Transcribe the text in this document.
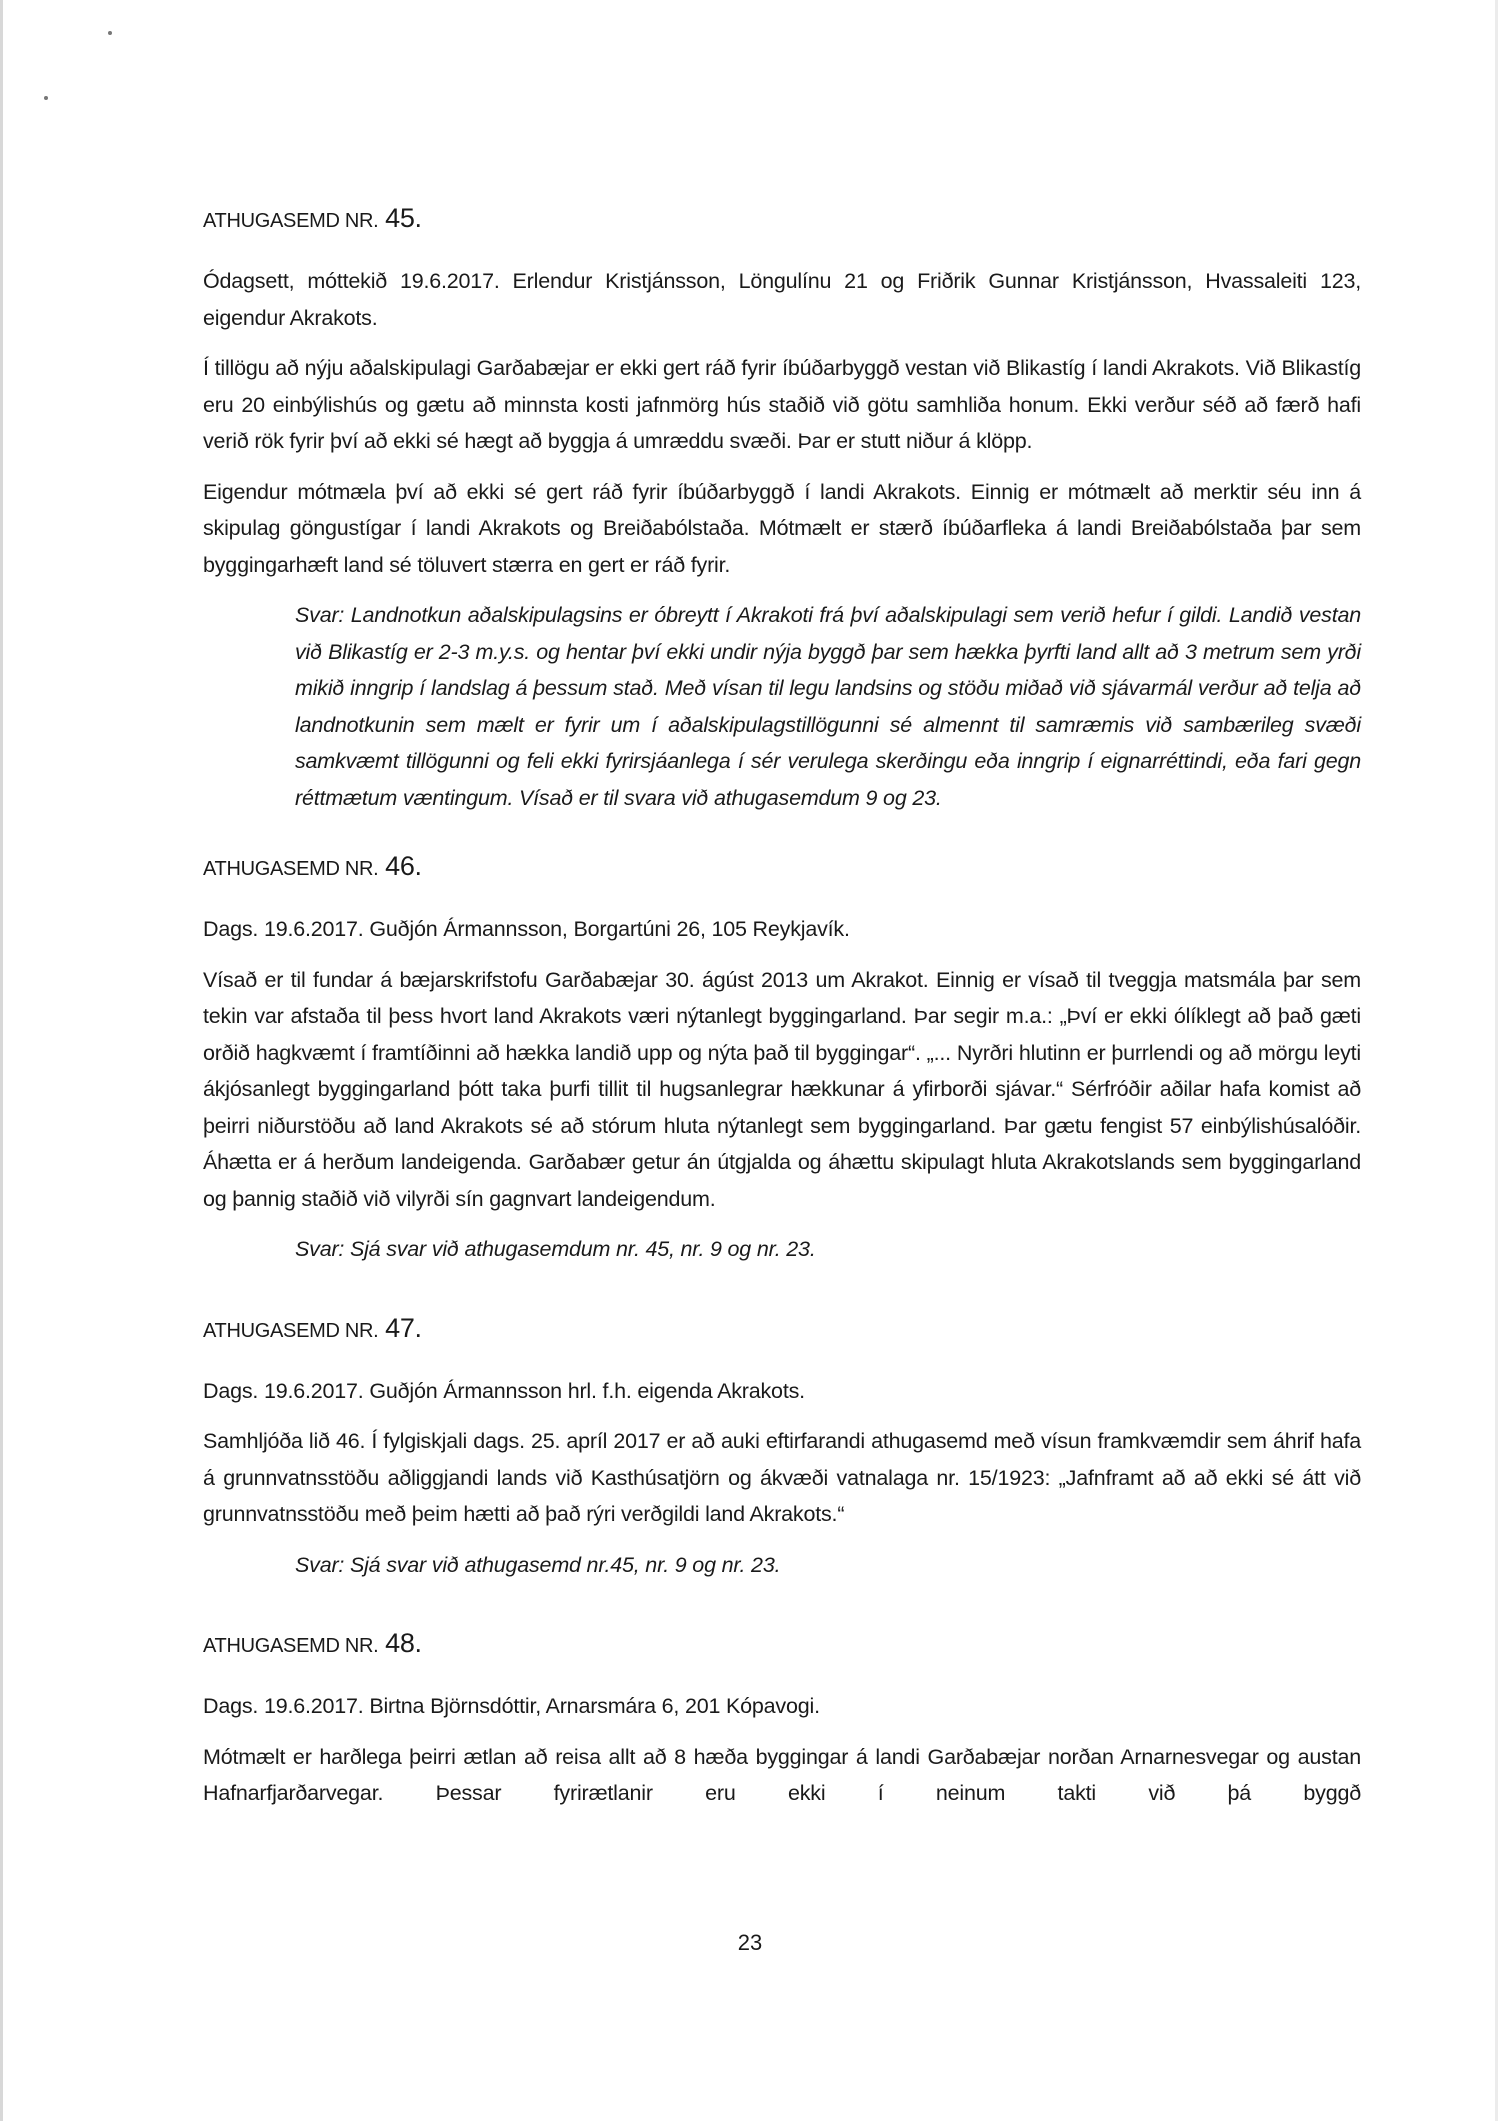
ATHUGASEMD NR. 45.

Ódagsett, móttekið 19.6.2017. Erlendur Kristjánsson, Löngulínu 21 og Friðrik Gunnar Kristjánsson, Hvassaleiti 123, eigendur Akrakots.

Í tillögu að nýju aðalskipulagi Garðabæjar er ekki gert ráð fyrir íbúðarbyggð vestan við Blikastíg í landi Akrakots. Við Blikastíg eru 20 einbýlishús og gætu að minnsta kosti jafnmörg hús staðið við götu samhliða honum. Ekki verður séð að færð hafi verið rök fyrir því að ekki sé hægt að byggja á umræddu svæði. Þar er stutt niður á klöpp.

Eigendur mótmæla því að ekki sé gert ráð fyrir íbúðarbyggð í landi Akrakots. Einnig er mótmælt að merktir séu inn á skipulag göngustígar í landi Akrakots og Breiðabólstaða. Mótmælt er stærð íbúðarfleka á landi Breiðabólstaða þar sem byggingarhæft land sé töluvert stærra en gert er ráð fyrir.

Svar: Landnotkun aðalskipulagsins er óbreytt í Akrakoti frá því aðalskipulagi sem verið hefur í gildi. Landið vestan við Blikastíg er 2-3 m.y.s. og hentar því ekki undir nýja byggð þar sem hækka þyrfti land allt að 3 metrum sem yrði mikið inngrip í landslag á þessum stað. Með vísan til legu landsins og stöðu miðað við sjávarmál verður að telja að landnotkunin sem mælt er fyrir um í aðalskipulagstillögunni sé almennt til samræmis við sambærileg svæði samkvæmt tillögunni og feli ekki fyrirsjáanlega í sér verulega skerðingu eða inngrip í eignarréttindi, eða fari gegn réttmætum væntingum. Vísað er til svara við athugasemdum 9 og 23.

ATHUGASEMD NR. 46.

Dags. 19.6.2017. Guðjón Ármannsson, Borgartúni 26, 105 Reykjavík.

Vísað er til fundar á bæjarskrifstofu Garðabæjar 30. ágúst 2013 um Akrakot. Einnig er vísað til tveggja matsmála þar sem tekin var afstaða til þess hvort land Akrakots væri nýtanlegt byggingarland. Þar segir m.a.: „Því er ekki ólíklegt að það gæti orðið hagkvæmt í framtíðinni að hækka landið upp og nýta það til byggingar“. „... Nyrðri hlutinn er þurrlendi og að mörgu leyti ákjósanlegt byggingarland þótt taka þurfi tillit til hugsanlegrar hækkunar á yfirborði sjávar.“ Sérfróðir aðilar hafa komist að þeirri niðurstöðu að land Akrakots sé að stórum hluta nýtanlegt sem byggingarland. Þar gætu fengist 57 einbýlishúsalóðir. Áhætta er á herðum landeigenda. Garðabær getur án útgjalda og áhættu skipulagt hluta Akrakotslands sem byggingarland og þannig staðið við vilyrði sín gagnvart landeigendum.

Svar: Sjá svar við athugasemdum nr. 45, nr. 9 og nr. 23.

ATHUGASEMD NR. 47.

Dags. 19.6.2017. Guðjón Ármannsson hrl. f.h. eigenda Akrakots.

Samhljóða lið 46. Í fylgiskjali dags. 25. apríl 2017 er að auki eftirfarandi athugasemd með vísun framkvæmdir sem áhrif hafa á grunnvatnsstöðu aðliggjandi lands við Kasthúsatjörn og ákvæði vatnalaga nr. 15/1923: „Jafnframt að að ekki sé átt við grunnvatnsstöðu með þeim hætti að það rýri verðgildi land Akrakots.“

Svar: Sjá svar við athugasemd nr.45, nr. 9 og nr. 23.

ATHUGASEMD NR. 48.

Dags. 19.6.2017. Birtna Björnsdóttir, Arnarsmára 6, 201 Kópavogi.

Mótmælt er harðlega þeirri ætlan að reisa allt að 8 hæða byggingar á landi Garðabæjar norðan Arnarnesvegar og austan Hafnarfjarðarvegar. Þessar fyrirætlanir eru ekki í neinum takti við þá byggð

23
